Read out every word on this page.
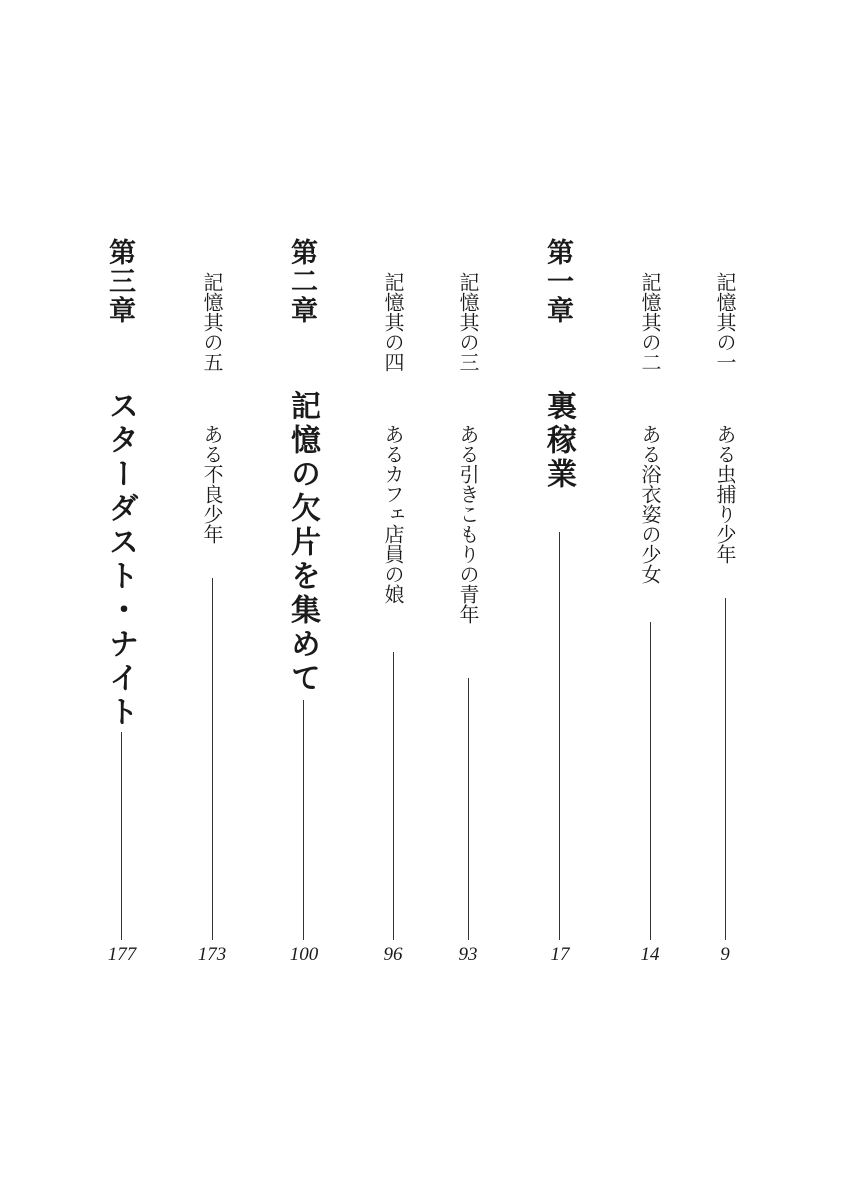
記憶其の一
ある虫捕り少年
9
記憶其の二
ある浴衣姿の少女
14
第一章
裏稼業
17
記憶其の三
ある引きこもりの青年
93
記憶其の四
あるカフェ店員の娘
96
第二章
記憶の欠片を集めて
100
記憶其の五
ある不良少年
173
第三章
スターダスト・ナイト
177
